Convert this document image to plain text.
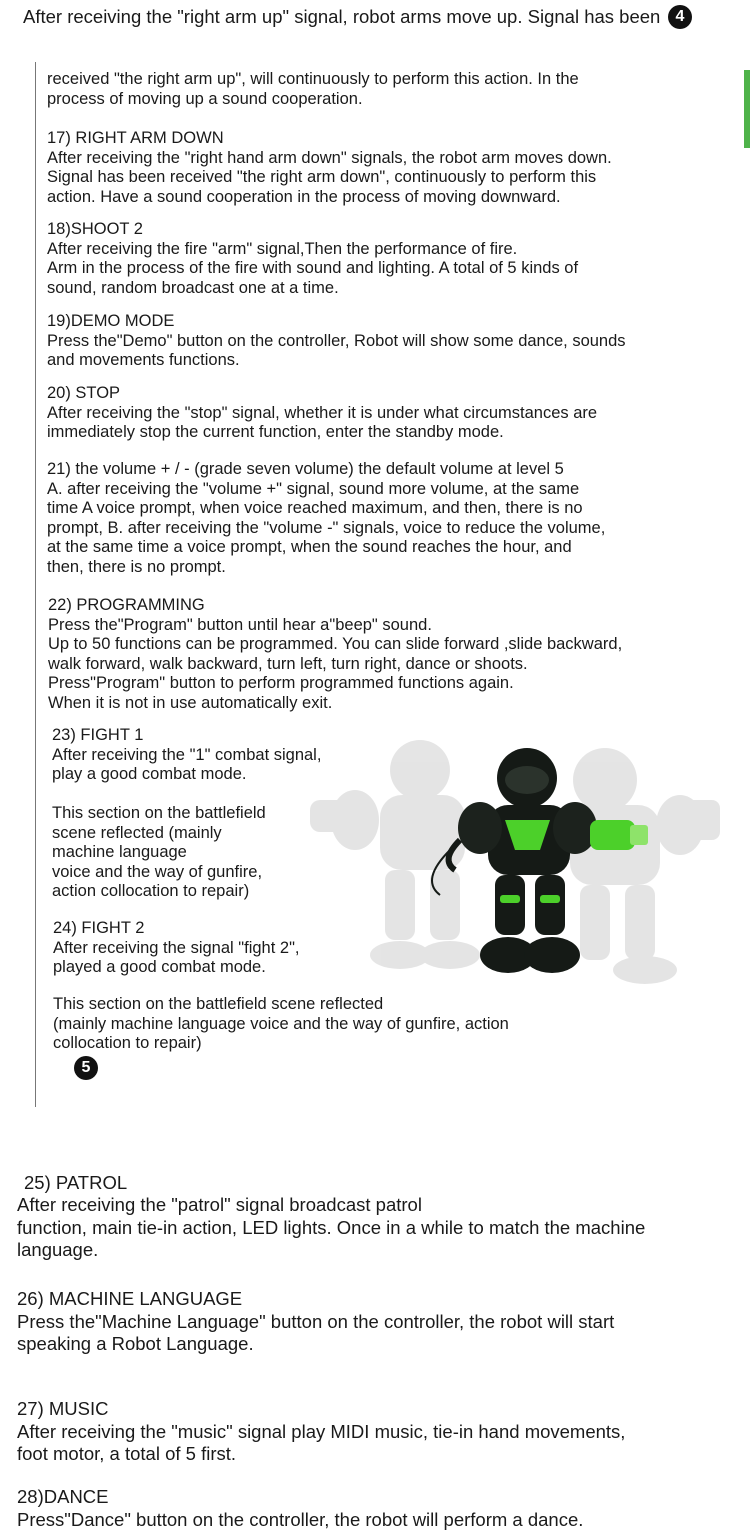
After receiving the "right arm up" signal, robot arms move up. Signal has been 4
received "the right arm up", will continuously to perform this action. In the
process of moving up a sound cooperation.
17) RIGHT ARM DOWN
After receiving the "right hand arm down" signals, the robot arm moves down.
Signal has been received "the right arm down", continuously to perform this
action. Have a sound cooperation in the process of moving downward.
18)SHOOT 2
After receiving the fire "arm" signal,Then the performance of fire.
Arm in the process of the fire with sound and lighting. A total of 5 kinds of
sound, random broadcast one at a time.
19)DEMO MODE
Press the"Demo" button on the controller, Robot will show some dance, sounds
and movements functions.
20) STOP
After receiving the "stop" signal, whether it is under what circumstances are
immediately stop the current function, enter the standby mode.
21) the volume + / - (grade seven volume) the default volume at level 5
A. after receiving the "volume +" signal, sound more volume, at the same
time A voice prompt, when voice reached maximum, and then, there is no
prompt, B. after receiving the "volume -" signals, voice to reduce the volume,
at the same time a voice prompt, when the sound reaches the hour, and
then, there is no prompt.
22) PROGRAMMING
Press the"Program" button until hear a"beep" sound.
Up to 50 functions can be programmed. You can slide forward ,slide backward,
walk forward, walk backward, turn left, turn right, dance or shoots.
Press"Program" button to perform programmed functions again.
When it is not in use automatically exit.
23) FIGHT 1
After receiving the "1" combat signal,
play a good combat mode.
This section on the battlefield
scene reflected (mainly
machine language
voice and the way of gunfire,
action collocation to repair)
24) FIGHT 2
After receiving the signal "fight 2",
played a good combat mode.
This section on the battlefield scene reflected
(mainly machine language voice and the way of gunfire, action
collocation to repair)
5
25) PATROL
After receiving the "patrol" signal broadcast patrol
function, main tie-in action, LED lights. Once in a while to match the machine
language.
26) MACHINE LANGUAGE
Press the"Machine Language" button on the controller, the robot will start
speaking a Robot Language.
27) MUSIC
After receiving the "music" signal play MIDI music, tie-in hand movements,
foot motor, a total of 5 first.
28)DANCE
Press"Dance" button on the controller, the robot will perform a dance.
